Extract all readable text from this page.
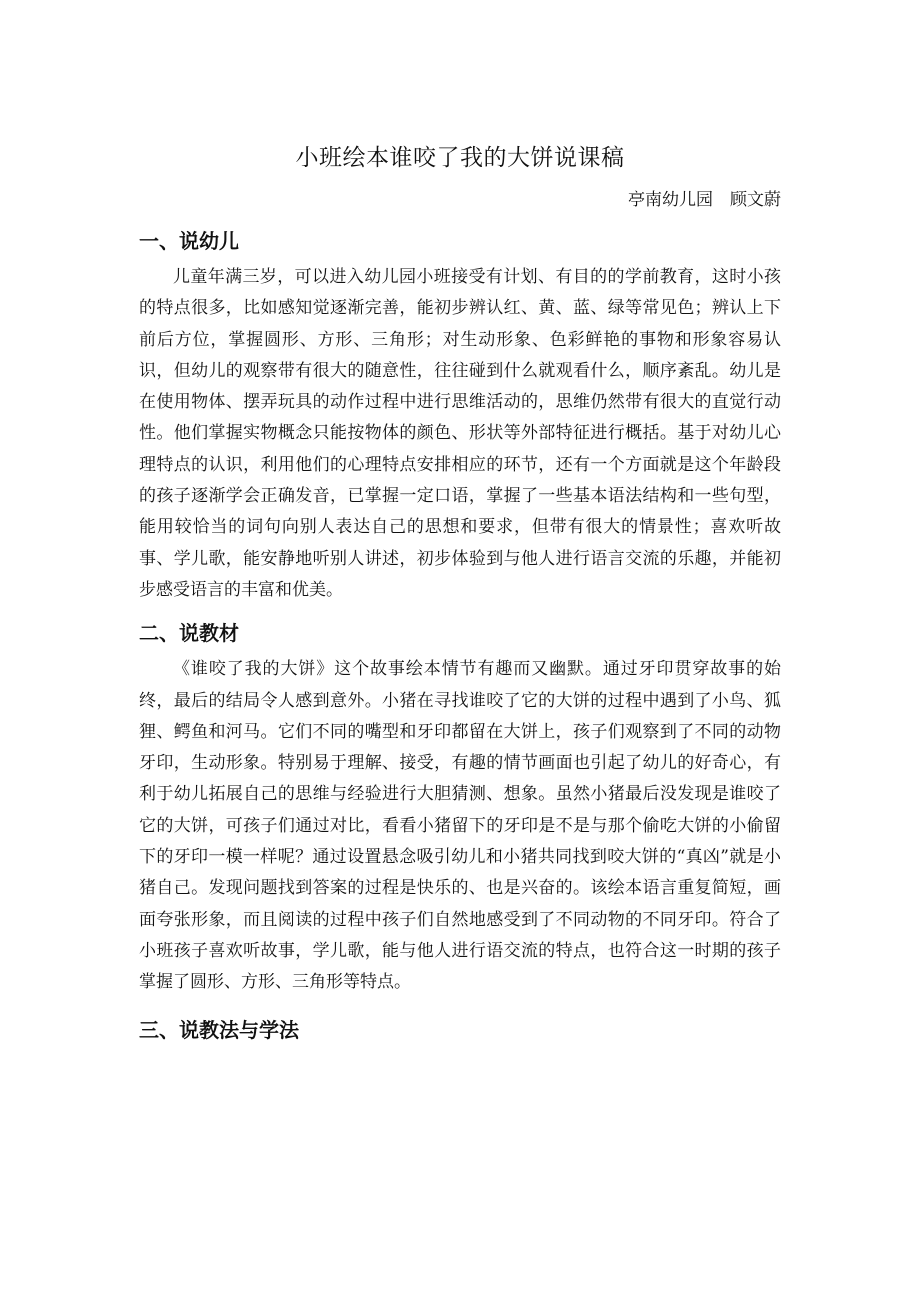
小班绘本谁咬了我的大饼说课稿
亭南幼儿园　顾文蔚
一、说幼儿

儿童年满三岁，可以进入幼儿园小班接受有计划、有目的的学前教育，这时小孩的特点很多，比如感知觉逐渐完善，能初步辨认红、黄、蓝、绿等常见色；辨认上下前后方位，掌握圆形、方形、三角形；对生动形象、色彩鲜艳的事物和形象容易认识，但幼儿的观察带有很大的随意性，往往碰到什么就观看什么，顺序紊乱。幼儿是在使用物体、摆弄玩具的动作过程中进行思维活动的，思维仍然带有很大的直觉行动性。他们掌握实物概念只能按物体的颜色、形状等外部特征进行概括。基于对幼儿心理特点的认识，利用他们的心理特点安排相应的环节，还有一个方面就是这个年龄段的孩子逐渐学会正确发音，已掌握一定口语，掌握了一些基本语法结构和一些句型，能用较恰当的词句向别人表达自己的思想和要求，但带有很大的情景性；喜欢听故事、学儿歌，能安静地听别人讲述，初步体验到与他人进行语言交流的乐趣，并能初步感受语言的丰富和优美。

二、说教材

《谁咬了我的大饼》这个故事绘本情节有趣而又幽默。通过牙印贯穿故事的始终，最后的结局令人感到意外。小猪在寻找谁咬了它的大饼的过程中遇到了小鸟、狐狸、鳄鱼和河马。它们不同的嘴型和牙印都留在大饼上，孩子们观察到了不同的动物牙印，生动形象。特别易于理解、接受，有趣的情节画面也引起了幼儿的好奇心，有利于幼儿拓展自己的思维与经验进行大胆猜测、想象。虽然小猪最后没发现是谁咬了它的大饼，可孩子们通过对比，看看小猪留下的牙印是不是与那个偷吃大饼的小偷留下的牙印一模一样呢？通过设置悬念吸引幼儿和小猪共同找到咬大饼的“真凶”就是小猪自己。发现问题找到答案的过程是快乐的、也是兴奋的。该绘本语言重复简短，画面夸张形象，而且阅读的过程中孩子们自然地感受到了不同动物的不同牙印。符合了小班孩子喜欢听故事，学儿歌，能与他人进行语交流的特点，也符合这一时期的孩子掌握了圆形、方形、三角形等特点。

三、说教法与学法
